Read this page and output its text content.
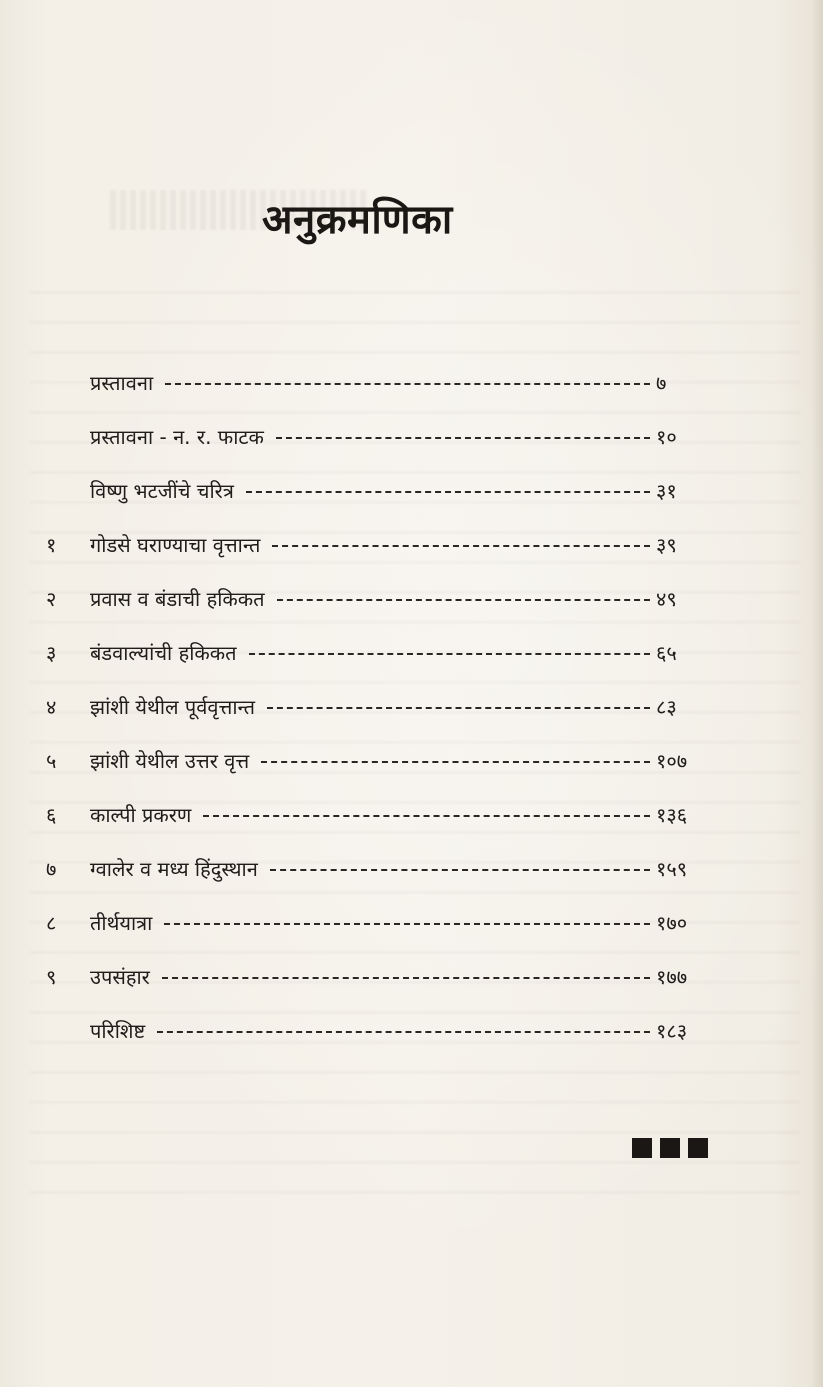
अनुक्रमणिका
प्रस्तावना	७
प्रस्तावना - न. र. फाटक	१०
विष्णु भटजींचे चरित्र	३१
१	गोडसे घराण्याचा वृत्तान्त	३९
२	प्रवास व बंडाची हकिकत	४९
३	बंडवाल्यांची हकिकत	६५
४	झांशी येथील पूर्ववृत्तान्त	८३
५	झांशी येथील उत्तर वृत्त	१०७
६	काल्पी प्रकरण	१३६
७	ग्वालेर व मध्य हिंदुस्थान	१५९
८	तीर्थयात्रा	१७०
९	उपसंहार	१७७
परिशिष्ट	१८३
